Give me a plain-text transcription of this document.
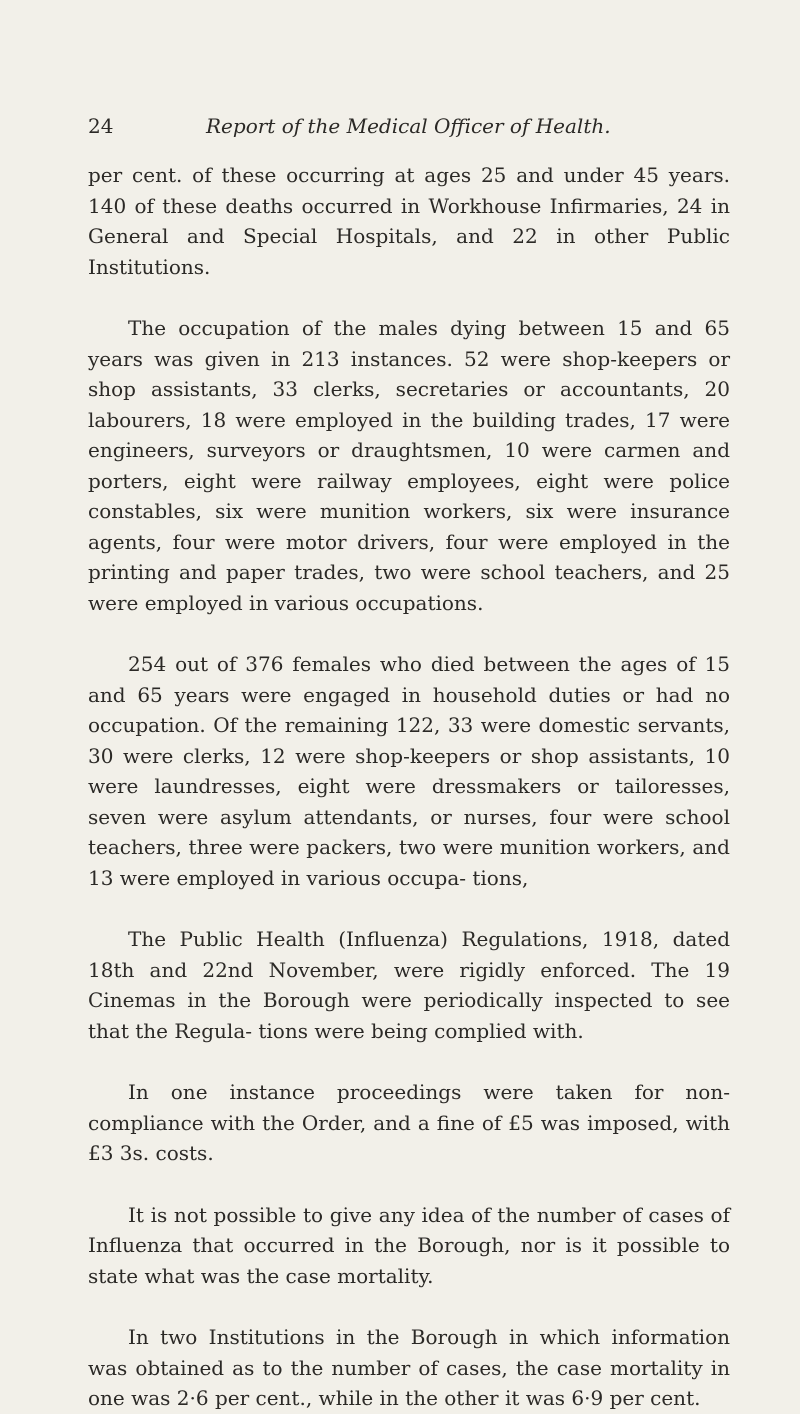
24	Report of the Medical Officer of Health.

per cent. of these occurring at ages 25 and under 45 years. 140 of these deaths occurred in Workhouse Infirmaries, 24 in General and Special Hospitals, and 22 in other Public Institutions.

The occupation of the males dying between 15 and 65 years was given in 213 instances. 52 were shop-keepers or shop assistants, 33 clerks, secretaries or accountants, 20 labourers, 18 were employed in the building trades, 17 were engineers, surveyors or draughtsmen, 10 were carmen and porters, eight were railway employees, eight were police constables, six were munition workers, six were insurance agents, four were motor drivers, four were employed in the printing and paper trades, two were school teachers, and 25 were employed in various occupations.

254 out of 376 females who died between the ages of 15 and 65 years were engaged in household duties or had no occupation. Of the remaining 122, 33 were domestic servants, 30 were clerks, 12 were shop-keepers or shop assistants, 10 were laundresses, eight were dressmakers or tailoresses, seven were asylum attendants, or nurses, four were school teachers, three were packers, two were munition workers, and 13 were employed in various occupa- tions,

The Public Health (Influenza) Regulations, 1918, dated 18th and 22nd November, were rigidly enforced. The 19 Cinemas in the Borough were periodically inspected to see that the Regula- tions were being complied with.

In one instance proceedings were taken for non-compliance with the Order, and a fine of £5 was imposed, with £3 3s. costs.

It is not possible to give any idea of the number of cases of Influenza that occurred in the Borough, nor is it possible to state what was the case mortality.

In two Institutions in the Borough in which information was obtained as to the number of cases, the case mortality in one was 2·6 per cent., while in the other it was 6·9 per cent.
